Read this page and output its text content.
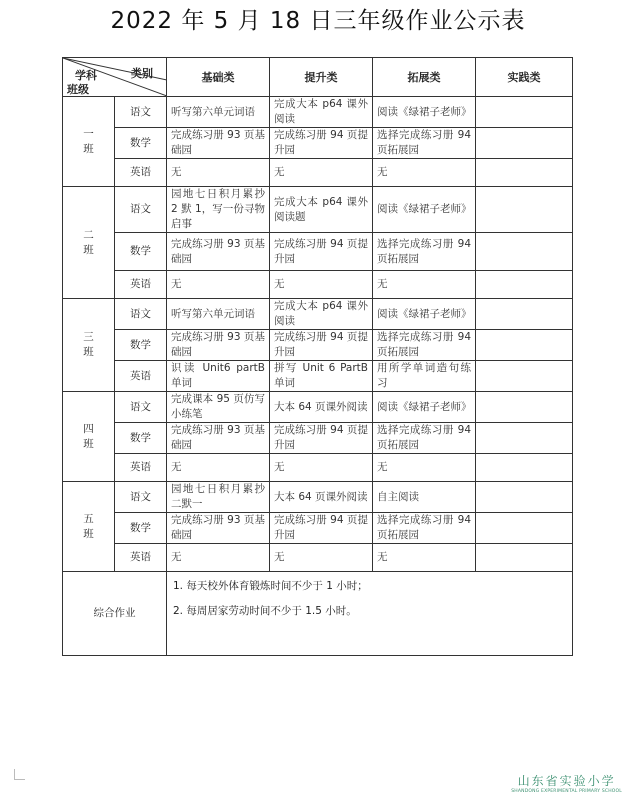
2022 年 5 月 18 日三年级作业公示表
类别
学科
班级		基础类	提升类	拓展类	实践类

一
班	语文	听写第六单元词语	完成大本 p64 课外阅读	阅读《绿裙子老师》	
	数学	完成练习册 93 页基础园	完成练习册 94 页提升园	选择完成练习册 94 页拓展园	
	英语	无	无	无	

二
班	语文	园地七日积月累抄 2 默 1，写一份寻物启事	完成大本 p64 课外阅读题	阅读《绿裙子老师》	
	数学	完成练习册 93 页基础园	完成练习册 94 页提升园	选择完成练习册 94 页拓展园	
	英语	无	无	无	

三
班	语文	听写第六单元词语	完成大本 p64 课外阅读	阅读《绿裙子老师》	
	数学	完成练习册 93 页基础园	完成练习册 94 页提升园	选择完成练习册 94 页拓展园	
	英语	识读 Unit6 partB 单词	拼写 Unit 6 PartB 单词	用所学单词造句练习	

四
班	语文	完成课本 95 页仿写小练笔	大本 64 页课外阅读	阅读《绿裙子老师》	
	数学	完成练习册 93 页基础园	完成练习册 94 页提升园	选择完成练习册 94 页拓展园	
	英语	无	无	无	

五
班	语文	园地七日积月累抄二默一	大本 64 页课外阅读	自主阅读	
	数学	完成练习册 93 页基础园	完成练习册 94 页提升园	选择完成练习册 94 页拓展园	
	英语	无	无	无	
综合作业		1. 每天校外体育锻炼时间不少于 1 小时；
2. 每周居家劳动时间不少于 1.5 小时。			
山东省实验小学
SHANDONG EXPERIMENTAL PRIMARY SCHOOL
